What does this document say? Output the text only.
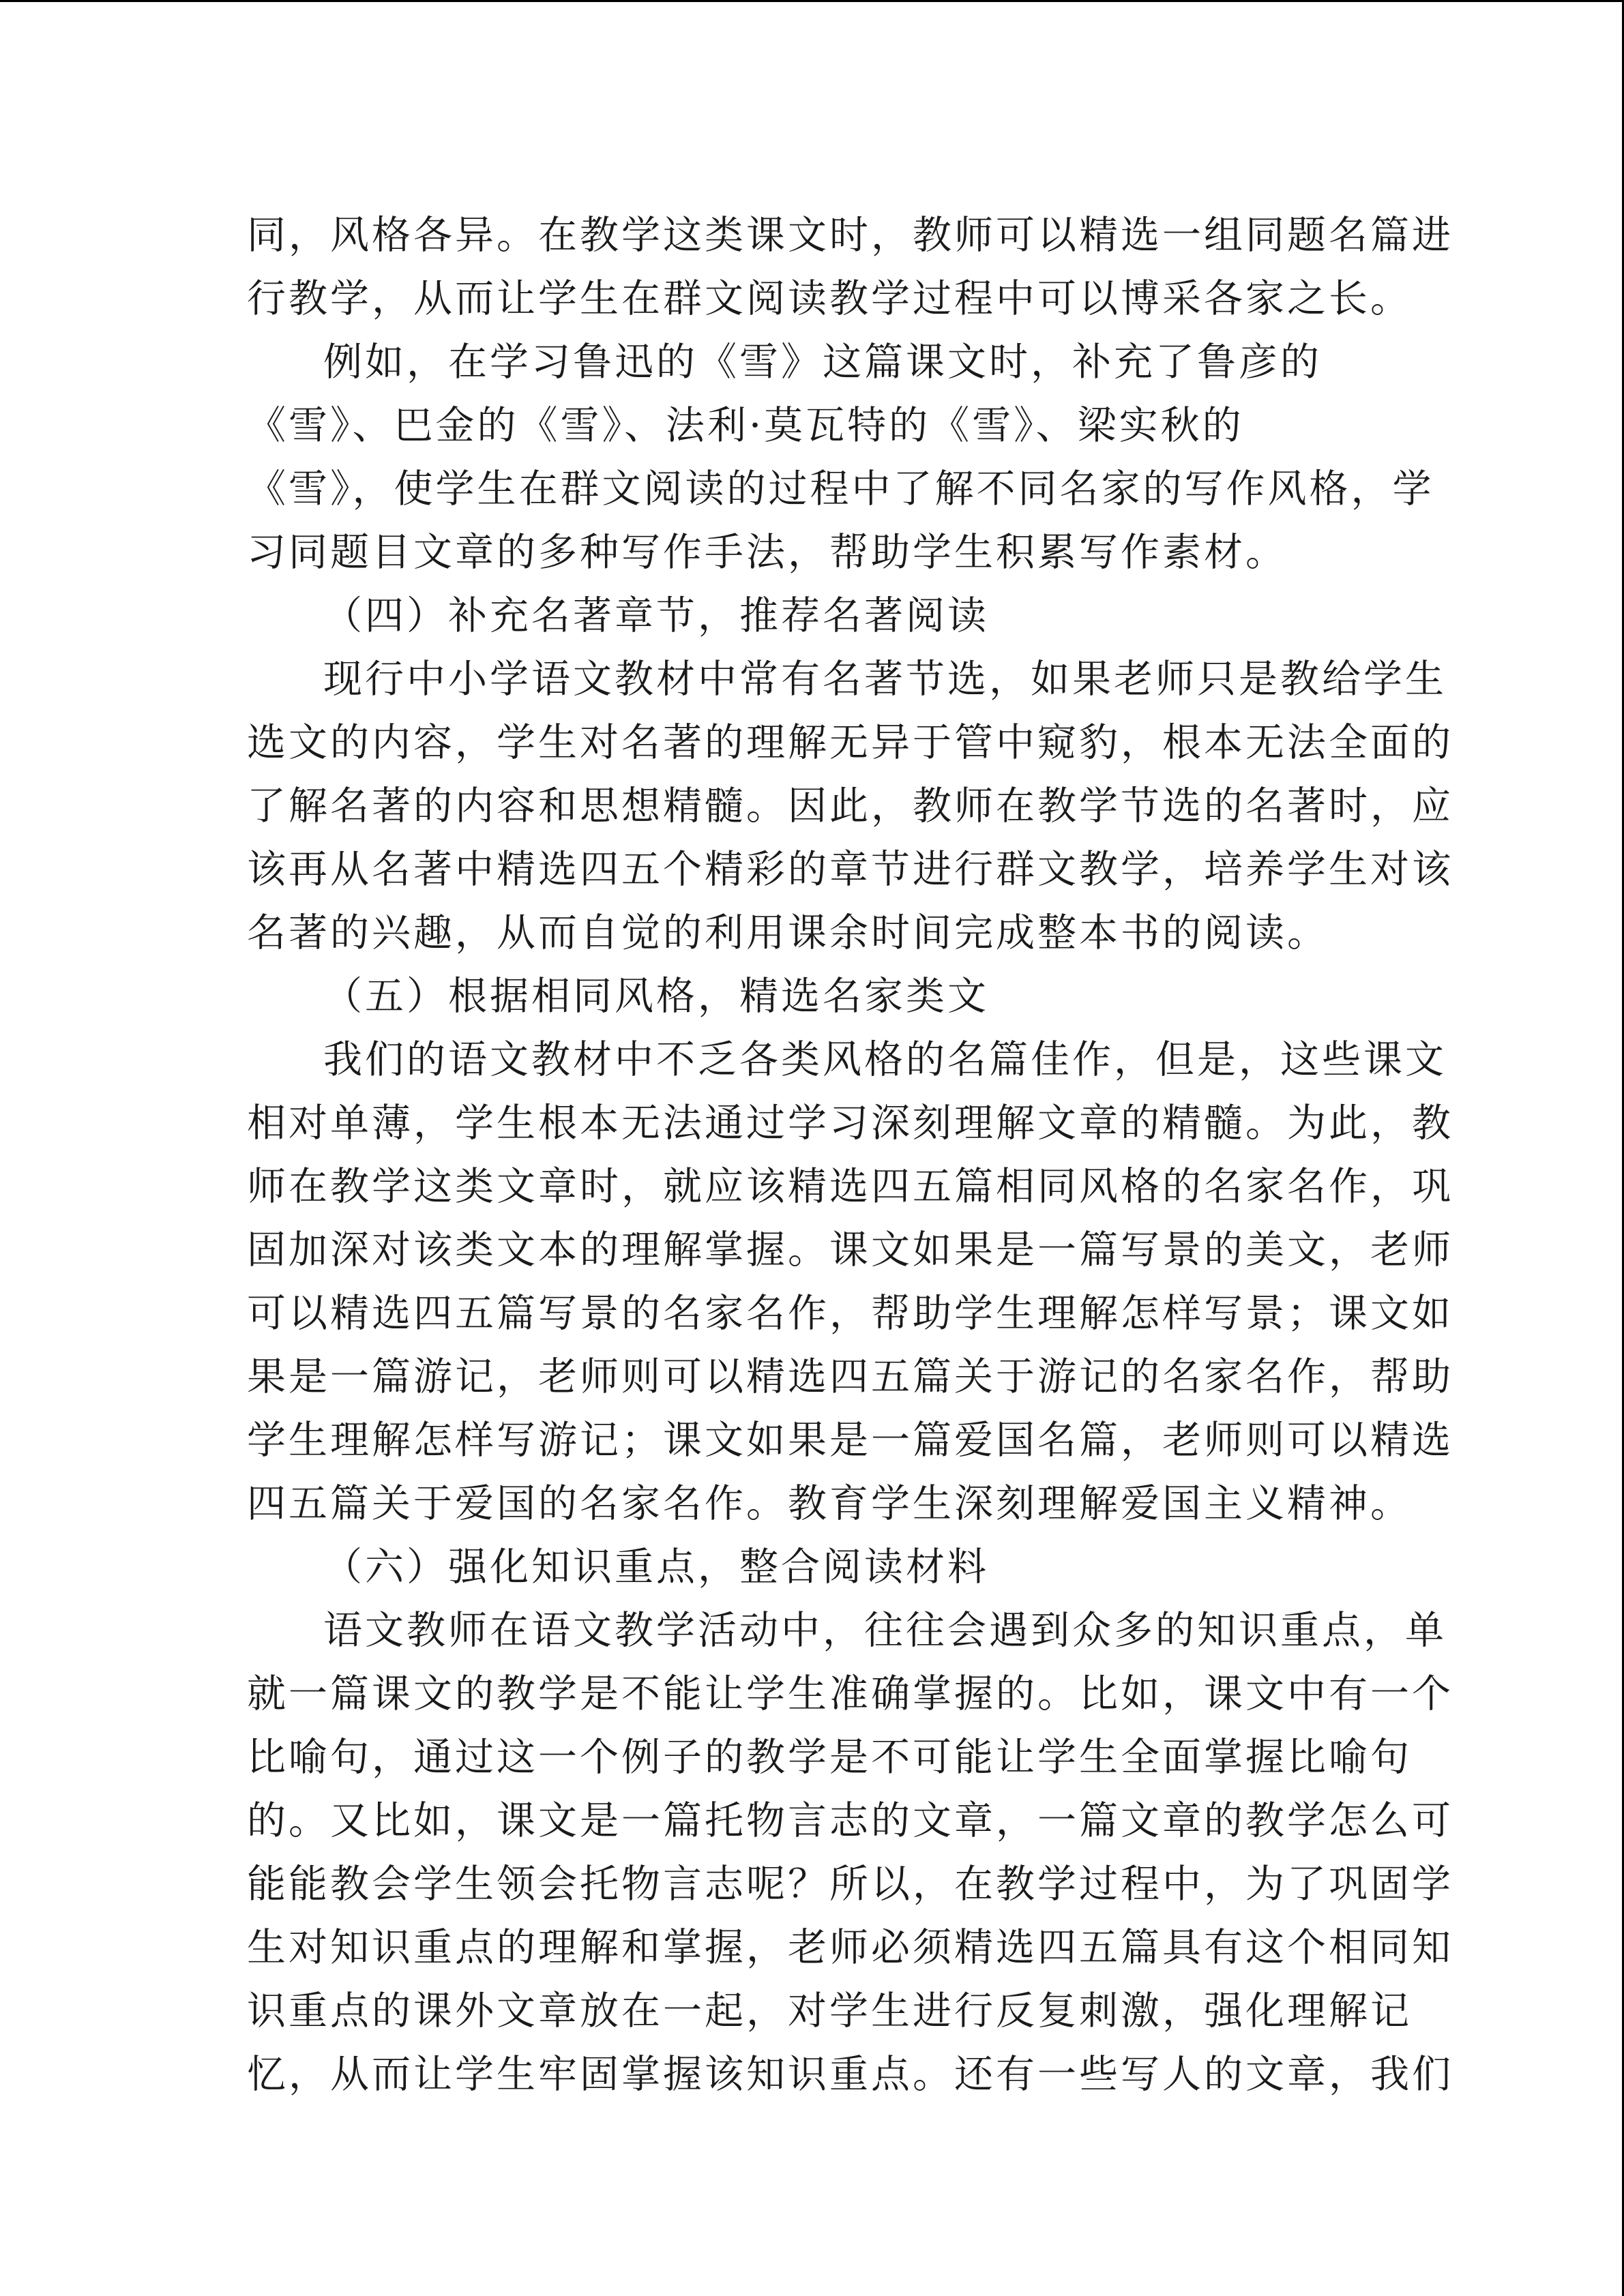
同，风格各异。在教学这类课文时，教师可以精选一组同题名篇进
行教学，从而让学生在群文阅读教学过程中可以博采各家之长。
例如，在学习鲁迅的《雪》这篇课文时，补充了鲁彦的
《雪》、巴金的《雪》、法利·莫瓦特的《雪》、梁实秋的
《雪》，使学生在群文阅读的过程中了解不同名家的写作风格，学
习同题目文章的多种写作手法，帮助学生积累写作素材。
（四）补充名著章节，推荐名著阅读
现行中小学语文教材中常有名著节选，如果老师只是教给学生
选文的内容，学生对名著的理解无异于管中窥豹，根本无法全面的
了解名著的内容和思想精髓。因此，教师在教学节选的名著时，应
该再从名著中精选四五个精彩的章节进行群文教学，培养学生对该
名著的兴趣，从而自觉的利用课余时间完成整本书的阅读。
（五）根据相同风格，精选名家类文
我们的语文教材中不乏各类风格的名篇佳作，但是，这些课文
相对单薄，学生根本无法通过学习深刻理解文章的精髓。为此，教
师在教学这类文章时，就应该精选四五篇相同风格的名家名作，巩
固加深对该类文本的理解掌握。课文如果是一篇写景的美文，老师
可以精选四五篇写景的名家名作，帮助学生理解怎样写景；课文如
果是一篇游记，老师则可以精选四五篇关于游记的名家名作，帮助
学生理解怎样写游记；课文如果是一篇爱国名篇，老师则可以精选
四五篇关于爱国的名家名作。教育学生深刻理解爱国主义精神。
（六）强化知识重点，整合阅读材料
语文教师在语文教学活动中，往往会遇到众多的知识重点，单
就一篇课文的教学是不能让学生准确掌握的。比如，课文中有一个
比喻句，通过这一个例子的教学是不可能让学生全面掌握比喻句
的。又比如，课文是一篇托物言志的文章，一篇文章的教学怎么可
能能教会学生领会托物言志呢？所以，在教学过程中，为了巩固学
生对知识重点的理解和掌握，老师必须精选四五篇具有这个相同知
识重点的课外文章放在一起，对学生进行反复刺激，强化理解记
忆，从而让学生牢固掌握该知识重点。还有一些写人的文章，我们
